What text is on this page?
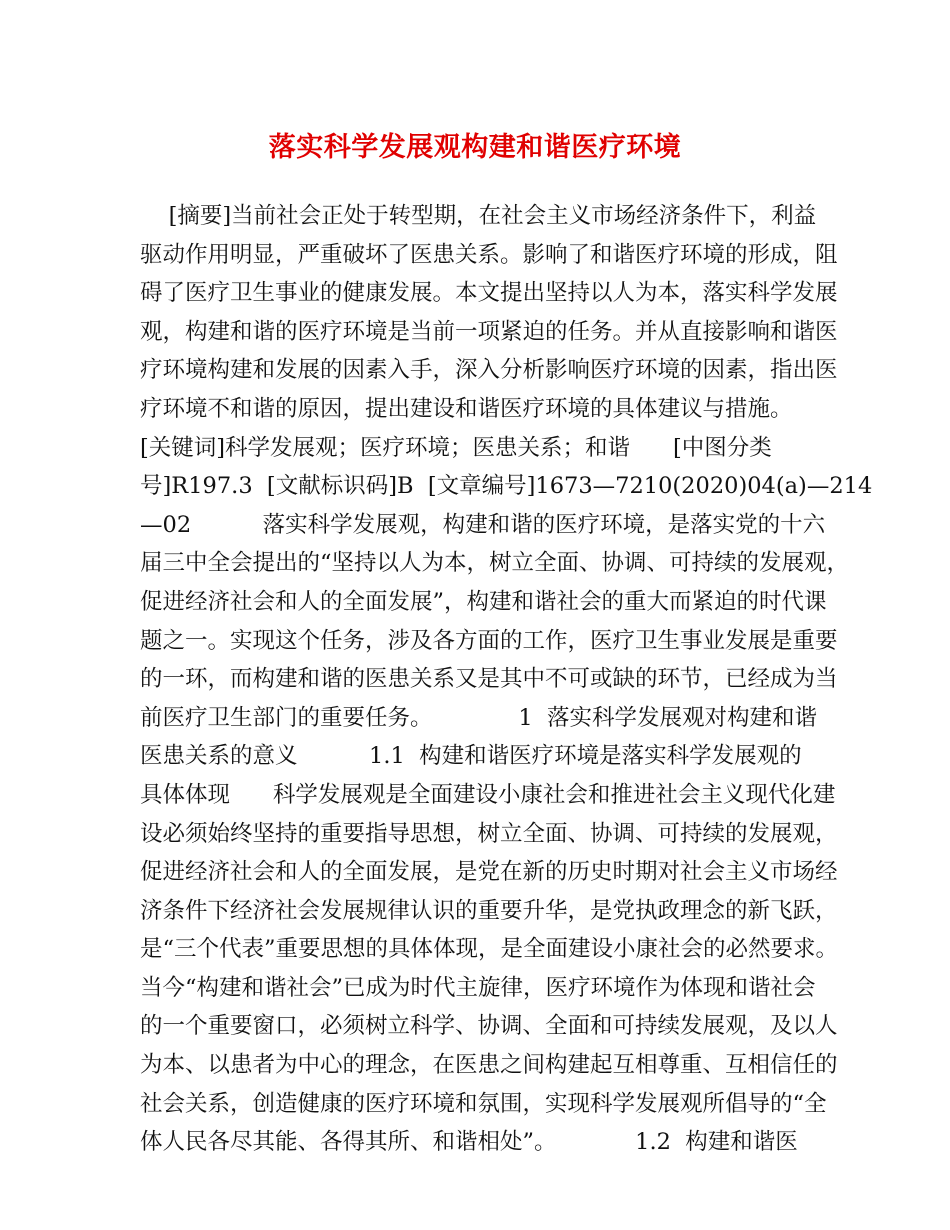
落实科学发展观构建和谐医疗环境
[摘要]当前社会正处于转型期，在社会主义市场经济条件下，利益
驱动作用明显，严重破坏了医患关系。影响了和谐医疗环境的形成，阻
碍了医疗卫生事业的健康发展。本文提出坚持以人为本，落实科学发展
观，构建和谐的医疗环境是当前一项紧迫的任务。并从直接影响和谐医
疗环境构建和发展的因素入手，深入分析影响医疗环境的因素，指出医
疗环境不和谐的原因，提出建设和谐医疗环境的具体建议与措施。
[关键词]科学发展观；医疗环境；医患关系；和谐      [中图分类
号]R197.3  [文献标识码]B  [文章编号]1673—7210(2020)04(a)—214
—02          落实科学发展观，构建和谐的医疗环境，是落实党的十六
届三中全会提出的“坚持以人为本，树立全面、协调、可持续的发展观，
促进经济社会和人的全面发展”，构建和谐社会的重大而紧迫的时代课
题之一。实现这个任务，涉及各方面的工作，医疗卫生事业发展是重要
的一环，而构建和谐的医患关系又是其中不可或缺的环节，已经成为当
前医疗卫生部门的重要任务。            1  落实科学发展观对构建和谐
医患关系的意义          1.1  构建和谐医疗环境是落实科学发展观的
具体体现      科学发展观是全面建设小康社会和推进社会主义现代化建
设必须始终坚持的重要指导思想，树立全面、协调、可持续的发展观，
促进经济社会和人的全面发展，是党在新的历史时期对社会主义市场经
济条件下经济社会发展规律认识的重要升华，是党执政理念的新飞跃，
是“三个代表”重要思想的具体体现，是全面建设小康社会的必然要求。
当今“构建和谐社会”已成为时代主旋律，医疗环境作为体现和谐社会
的一个重要窗口，必须树立科学、协调、全面和可持续发展观，及以人
为本、以患者为中心的理念，在医患之间构建起互相尊重、互相信任的
社会关系，创造健康的医疗环境和氛围，实现科学发展观所倡导的“全
体人民各尽其能、各得其所、和谐相处”。           1.2  构建和谐医
